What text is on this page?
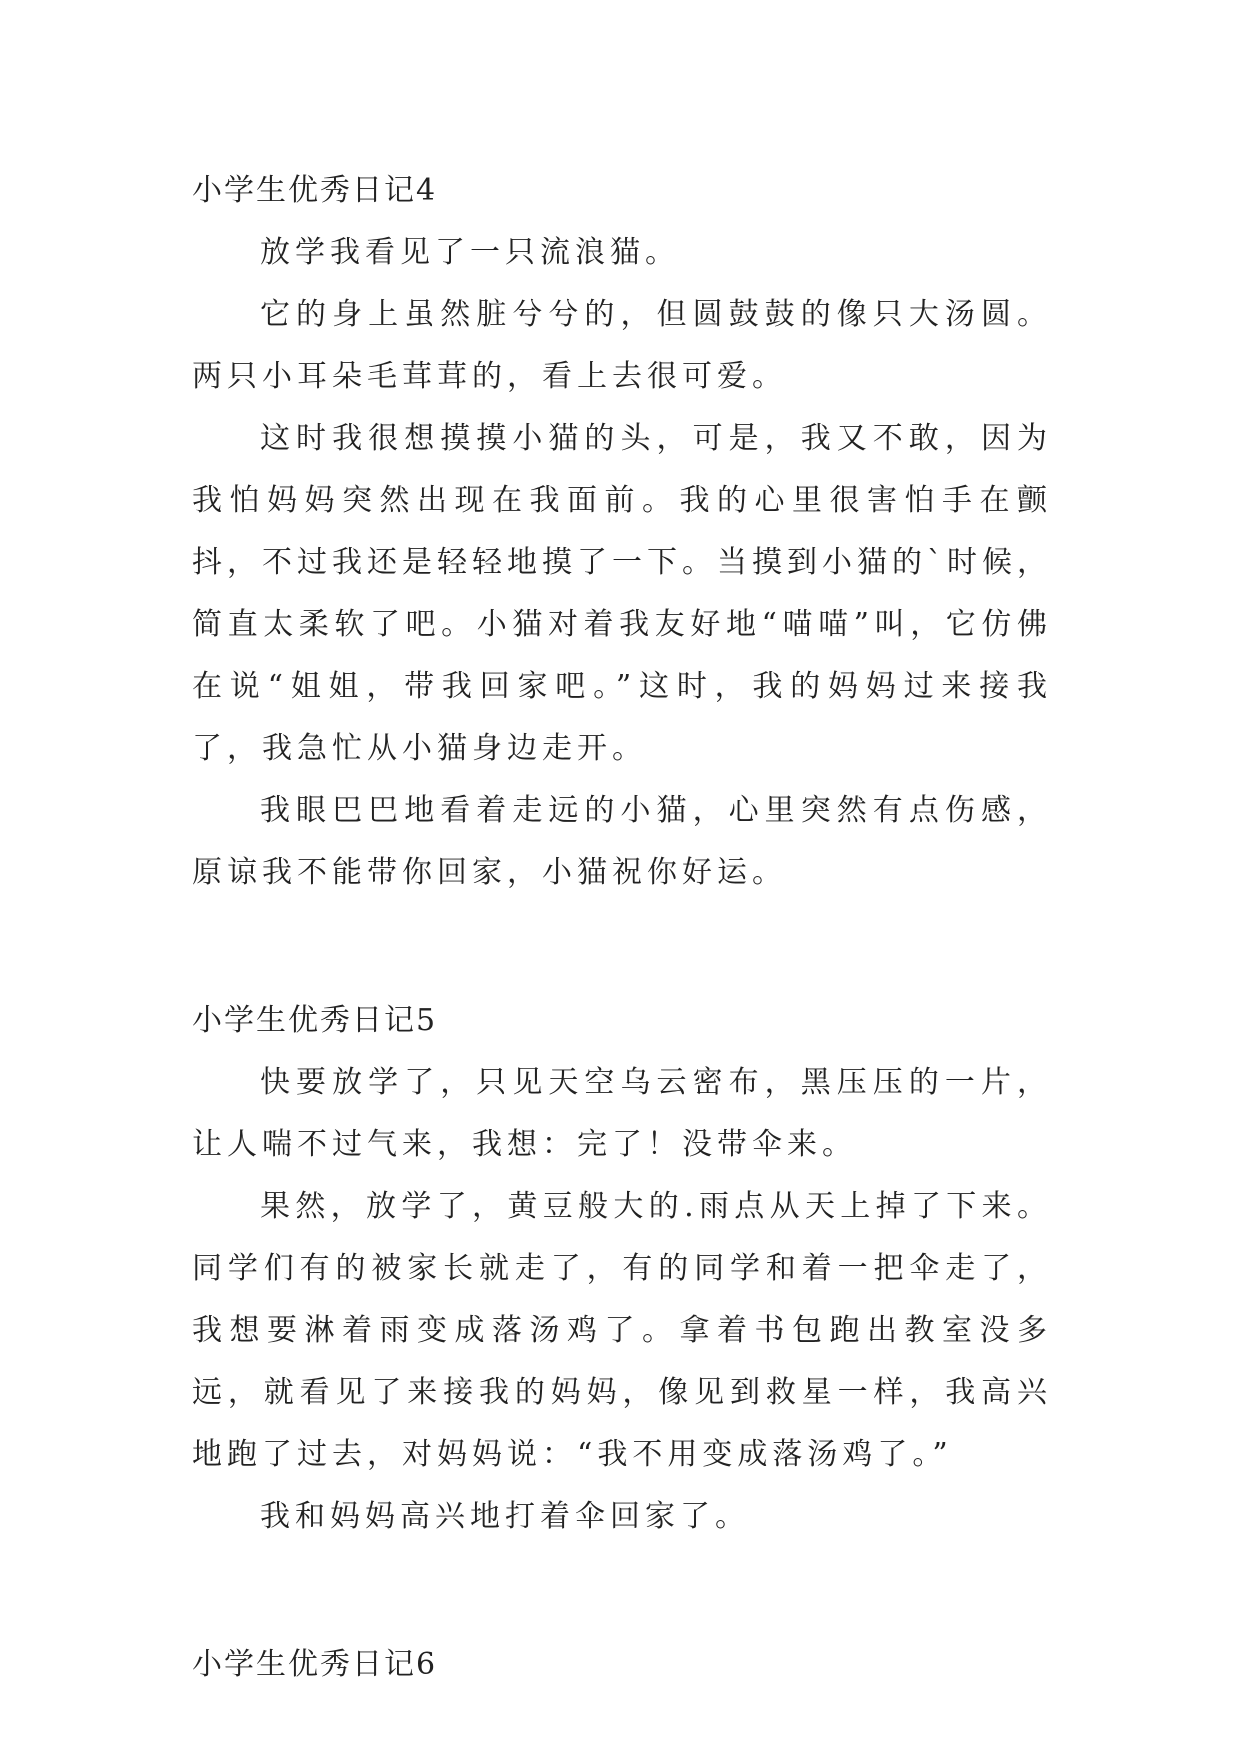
小学生优秀日记4

放学我看见了一只流浪猫。

它的身上虽然脏兮兮的，但圆鼓鼓的像只大汤圆。两只小耳朵毛茸茸的，看上去很可爱。

这时我很想摸摸小猫的头，可是，我又不敢，因为我怕妈妈突然出现在我面前。我的心里很害怕手在颤抖，不过我还是轻轻地摸了一下。当摸到小猫的`时候，简直太柔软了吧。小猫对着我友好地“喵喵”叫，它仿佛在说“姐姐，带我回家吧。”这时，我的妈妈过来接我了，我急忙从小猫身边走开。

我眼巴巴地看着走远的小猫，心里突然有点伤感，原谅我不能带你回家，小猫祝你好运。

小学生优秀日记5

快要放学了，只见天空乌云密布，黑压压的一片，让人喘不过气来，我想：完了！没带伞来。

果然，放学了，黄豆般大的.雨点从天上掉了下来。同学们有的被家长就走了，有的同学和着一把伞走了，我想要淋着雨变成落汤鸡了。拿着书包跑出教室没多远，就看见了来接我的妈妈，像见到救星一样，我高兴地跑了过去，对妈妈说：“我不用变成落汤鸡了。”

我和妈妈高兴地打着伞回家了。

小学生优秀日记6
